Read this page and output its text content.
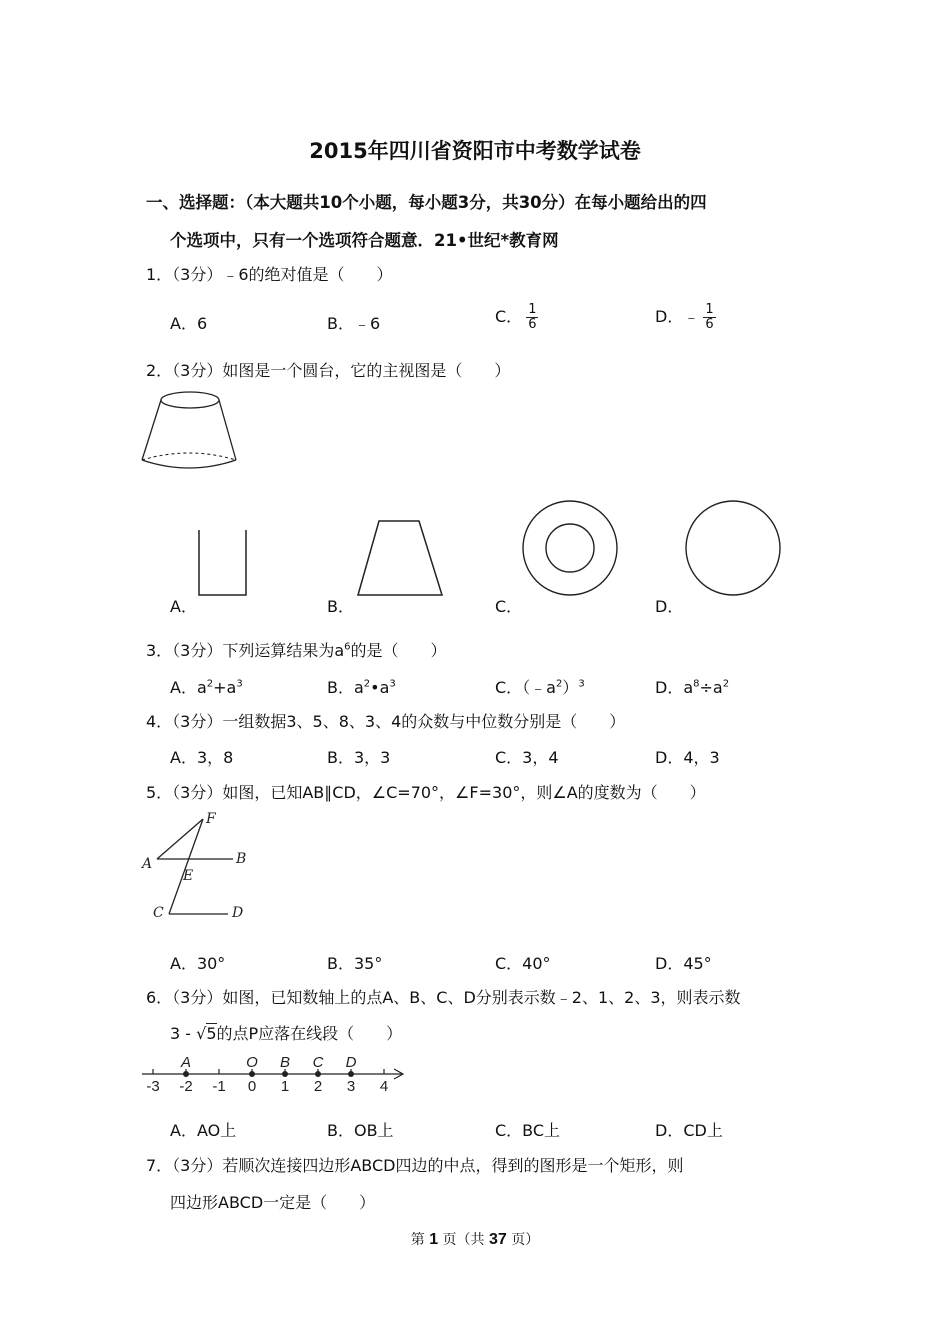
2015年四川省资阳市中考数学试卷
一、选择题：（本大题共10个小题，每小题3分，共30分）在每小题给出的四
个选项中，只有一个选项符合题意．21•世纪*教育网
1．（3分）﹣6的绝对值是（　　）
A．6	B．﹣6	C． $\frac{1}{6}$	D．﹣ $\frac{1}{6}$
2．（3分）如图是一个圆台，它的主视图是（　　）
A．	B．	C．	D．
3．（3分）下列运算结果为$a^6$的是（　　）
A．$a^2+a^3$	B．$a^2•a^3$	C．$(﹣a^2)^3$	D．$a^8\div a^2$
4．（3分）一组数据3、5、8、3、4的众数与中位数分别是（　　）
A．3，8	B．3，3	C．3，4	D．4，3
5．（3分）如图，已知AB∥CD，∠C=70°，∠F=30°，则∠A的度数为（　　）
F
A	B
E
C	D
A．30°	B．35°	C．40°	D．45°
6．（3分）如图，已知数轴上的点A、B、C、D分别表示数﹣2、1、2、3，则表示数
3 - √5的点P应落在线段（　　）
-3 -2 -1 0 1 2 3 4
A	O B C D
A．AO上	B．OB上	C．BC上	D．CD上
7．（3分）若顺次连接四边形ABCD四边的中点，得到的图形是一个矩形，则
四边形ABCD一定是（　　）
第 1 页（共 37 页）
